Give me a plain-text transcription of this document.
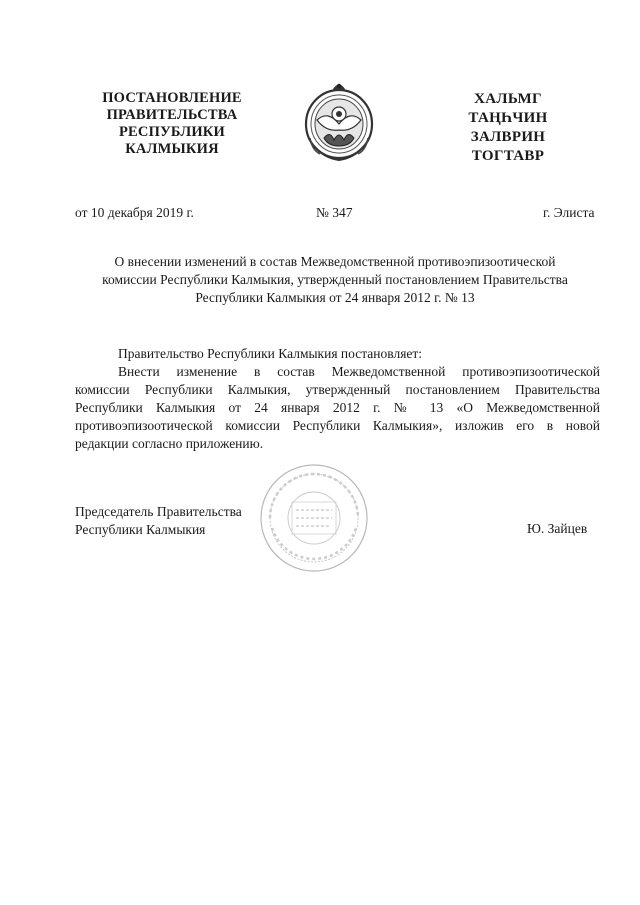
ПОСТАНОВЛЕНИЕ
ПРАВИТЕЛЬСТВА
РЕСПУБЛИКИ
КАЛМЫКИЯ
ХАЛЬМГ
ТАҢҺЧИН
ЗАЛВРИН
ТОГТАВР
от 10 декабря 2019 г.	№ 347	г. Элиста
О внесении изменений в состав Межведомственной противоэпизоотической
комиссии Республики Калмыкия, утвержденный постановлением Правительства
Республики Калмыкия от 24 января 2012 г. № 13
Правительство Республики Калмыкия постановляет:
Внести изменение в состав Межведомственной противоэпизоотической
комиссии Республики Калмыкия, утвержденный постановлением Правительства
Республики Калмыкия от 24 января 2012 г. № 13 «О Межведомственной
противоэпизоотической комиссии Республики Калмыкия», изложив его в новой
редакции согласно приложению.
Председатель Правительства
Республики Калмыкия	Ю. Зайцев
